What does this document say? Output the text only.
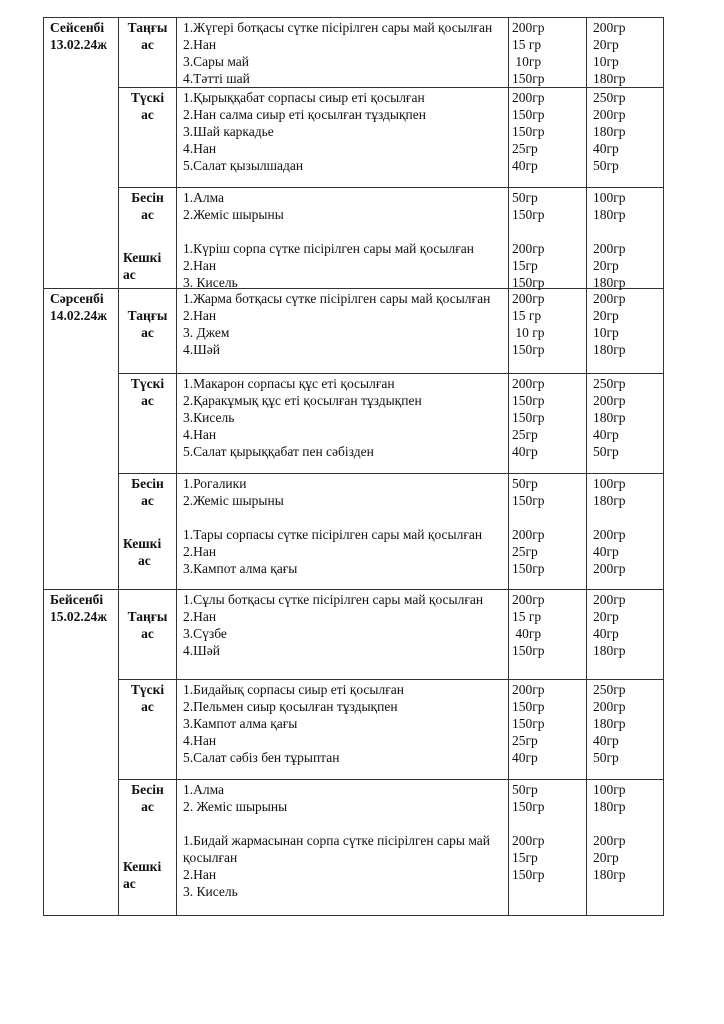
Сейсенбі
13.02.24ж
Таңғы
ас
1.Жүгері ботқасы сүтке пісірілген сары май қосылған
2.Нан
3.Сары май
4.Тәтті шай
200гр
15 гр
10гр
150гр
200гр
20гр
10гр
180гр
Түскі
ас
1.Қырыққабат сорпасы сиыр еті қосылған
2.Нан салма сиыр еті қосылған тұздықпен
3.Шай каркадье
4.Нан
5.Салат қызылшадан
200гр
150гр
150гр
25гр
40гр
250гр
200гр
180гр
40гр
50гр
Бесін
ас
Кешкі
ас
1.Алма
2.Жеміс шырыны
1.Күріш сорпа сүтке пісірілген сары май қосылған
2.Нан
3. Кисель
50гр
150гр
200гр
15гр
150гр
100гр
180гр
200гр
20гр
180гр
Сәрсенбі
14.02.24ж	Таңғы
ас
1.Жарма ботқасы сүтке пісірілген сары май қосылған
2.Нан
3. Джем
4.Шәй
200гр
15 гр
10 гр
150гр
200гр
20гр
10гр
180гр
Түскі
ас
1.Макарон сорпасы құс еті қосылған
2.Қаракұмық құс еті қосылған тұздықпен
3.Кисель
4.Нан
5.Салат қырыққабат пен сәбізден
200гр
150гр
150гр
25гр
40гр
250гр
200гр
180гр
40гр
50гр
Бесін
ас
Кешкі
ас
1.Рогалики
2.Жеміс шырыны
1.Тары сорпасы сүтке пісірілген сары май қосылған
2.Нан
3.Кампот алма қағы
50гр
150гр
200гр
25гр
150гр
100гр
180гр
200гр
40гр
200гр
Бейсенбі
15.02.24ж	Таңғы
ас
1.Сұлы ботқасы сүтке пісірілген сары май қосылған
2.Нан
3.Сүзбе
4.Шәй
200гр
15 гр
40гр
150гр
200гр
20гр
40гр
180гр
Түскі
ас
1.Бидайық сорпасы сиыр еті қосылған
2.Пельмен сиыр қосылған тұздықпен
3.Кампот алма қағы
4.Нан
5.Салат сәбіз бен тұрыптан
200гр
150гр
150гр
25гр
40гр
250гр
200гр
180гр
40гр
50гр
Бесін
ас
Кешкі
ас
1.Алма
2. Жеміс шырыны
1.Бидай жармасынан сорпа сүтке пісірілген сары май
қосылған
2.Нан
3. Кисель
50гр
150гр
200гр
15гр
150гр
100гр
180гр
200гр
20гр
180гр
